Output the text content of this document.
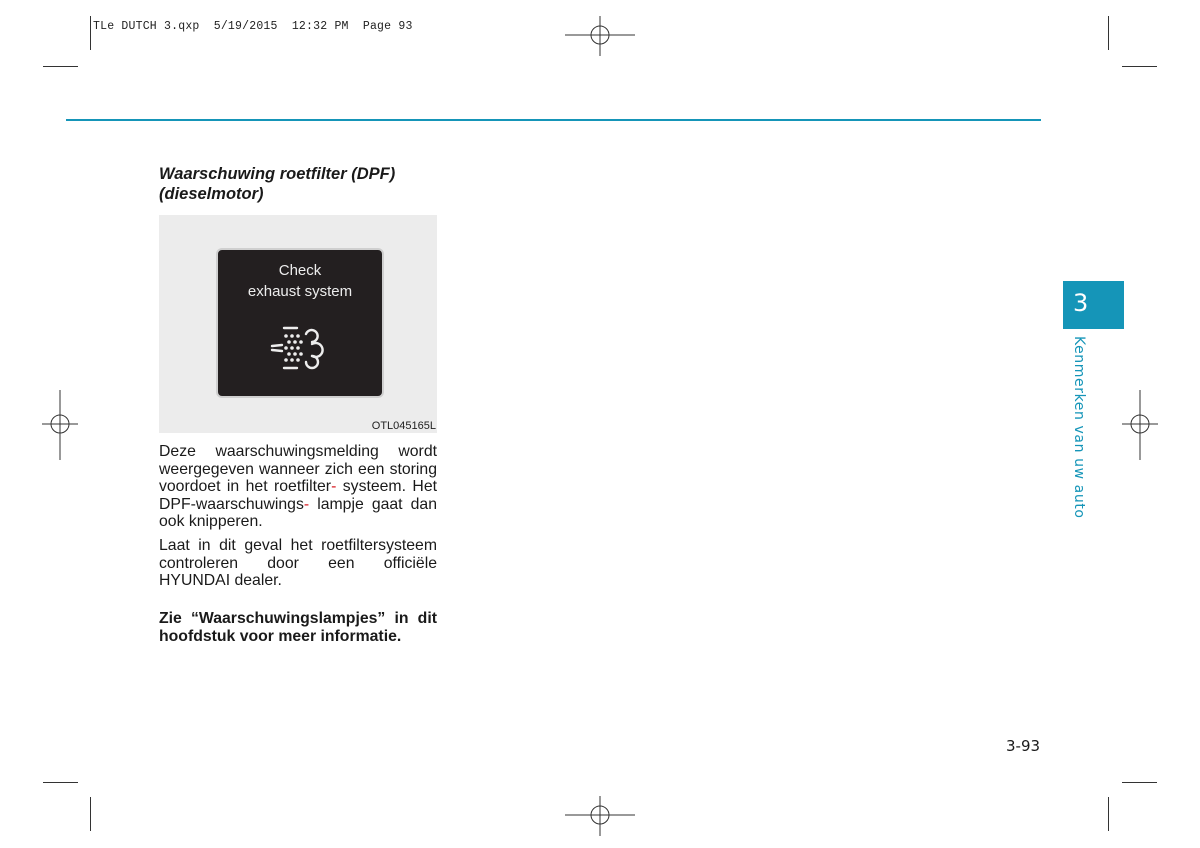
TLe DUTCH 3.qxp  5/19/2015  12:32 PM  Page 93
Waarschuwing roetfilter (DPF) (dieselmotor)
Check
exhaust system
OTL045165L
Deze waarschuwingsmelding wordt weergegeven wanneer zich een storing voordoet in het roetfilter- systeem. Het DPF-waarschuwings- lampje gaat dan ook knipperen.
Laat in dit geval het roetfiltersysteem controleren door een officiële HYUNDAI dealer.
Zie “Waarschuwingslampjes” in dit hoofdstuk voor meer informatie.
3
Kenmerken van uw auto
3-93
